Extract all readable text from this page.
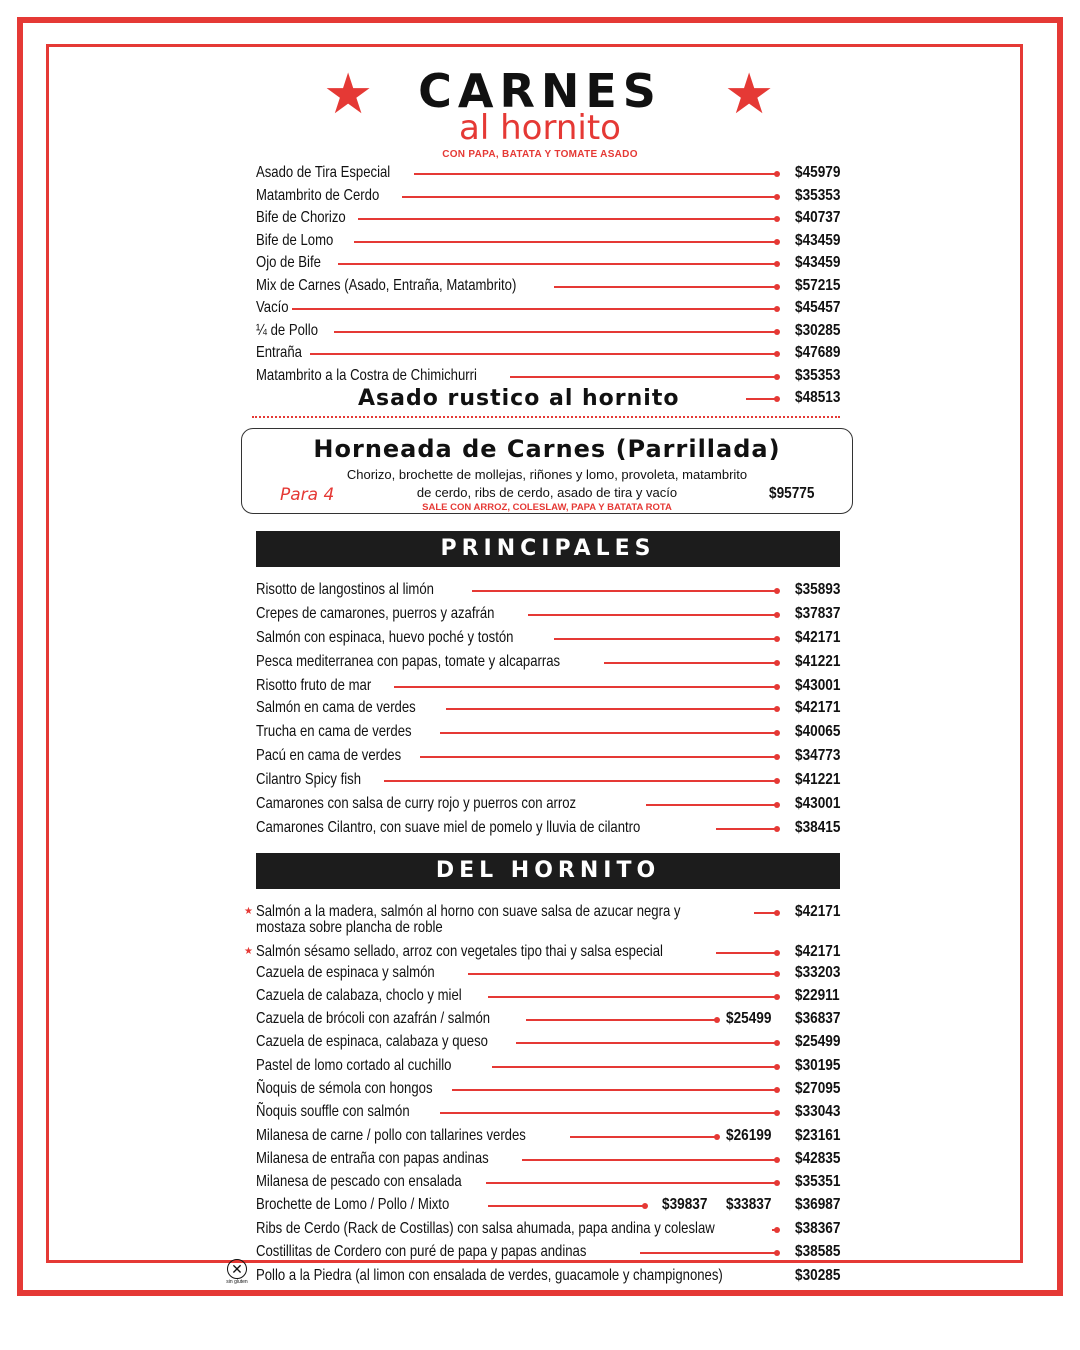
★	★
CARNES
al hornito
CON PAPA, BATATA Y TOMATE ASADO
Asado de Tira Especial	$45979
Matambrito de Cerdo	$35353
Bife de Chorizo	$40737
Bife de Lomo	$43459
Ojo de Bife	$43459
Mix de Carnes (Asado, Entraña, Matambrito)	$57215
Vacío	$45457
¼ de Pollo	$30285
Entraña	$47689
Matambrito a la Costra de Chimichurri	$35353
Asado rustico al hornito	$48513
Horneada de Carnes (Parrillada)
Chorizo, brochette de mollejas, riñones y lomo, provoleta, matambrito
de cerdo, ribs de cerdo, asado de tira y vacío
Para 4	$95775
SALE CON ARROZ, COLESLAW, PAPA Y BATATA ROTA
PRINCIPALES
Risotto de langostinos al limón	$35893
Crepes de camarones, puerros y azafrán	$37837
Salmón con espinaca, huevo poché y tostón	$42171
Pesca mediterranea con papas, tomate y alcaparras	$41221
Risotto fruto de mar	$43001
Salmón en cama de verdes	$42171
Trucha en cama de verdes	$40065
Pacú en cama de verdes	$34773
Cilantro Spicy fish	$41221
Camarones con salsa de curry rojo y puerros con arroz	$43001
Camarones Cilantro, con suave miel de pomelo y lluvia de cilantro	$38415
DEL HORNITO
★ Salmón a la madera, salmón al horno con suave salsa de azucar negra y	$42171
mostaza sobre plancha de roble
★ Salmón sésamo sellado, arroz con vegetales tipo thai y salsa especial	$42171
Cazuela de espinaca y salmón	$33203
Cazuela de calabaza, choclo y miel	$22911
Cazuela de brócoli con azafrán / salmón	$25499 $36837
Cazuela de espinaca, calabaza y queso	$25499
Pastel de lomo cortado al cuchillo	$30195
Ñoquis de sémola con hongos	$27095
Ñoquis souffle con salmón	$33043
Milanesa de carne / pollo con tallarines verdes	$26199 $23161
Milanesa de entraña con papas andinas	$42835
Milanesa de pescado con ensalada	$35351
Brochette de Lomo / Pollo / Mixto	$39837 $33837 $36987
Ribs de Cerdo (Rack de Costillas) con salsa ahumada, papa andina y coleslaw	$38367
Costillitas de Cordero con puré de papa y papas andinas	$38585
Pollo a la Piedra (al limon con ensalada de verdes, guacamole y champignones)	$30285
✕
sin gluten
